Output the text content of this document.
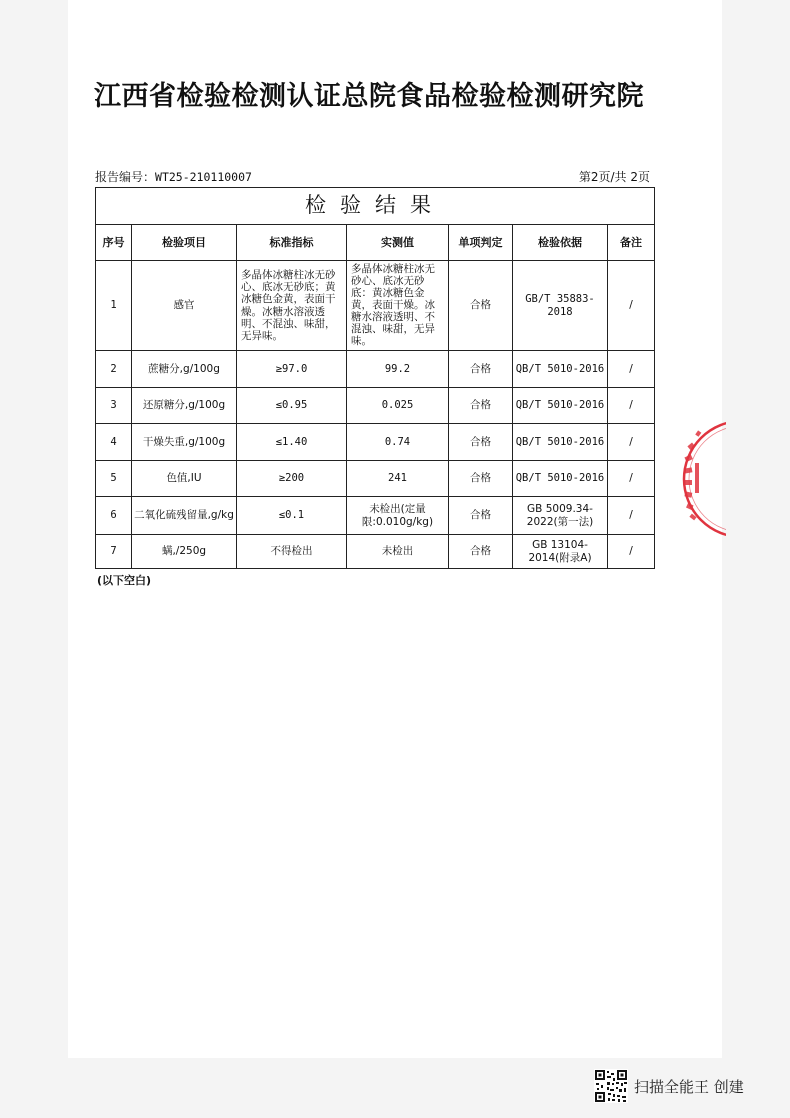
江西省检验检测认证总院食品检验检测研究院
报告编号：WT25-210110007	第2页/共 2页
检验结果						
序号	检验项目	标准指标	实测值	单项判定	检验依据	备注
1	感官	多晶体冰糖柱冰无砂心、底冰无砂底；黄冰糖色金黄，表面干燥。冰糖水溶液透明、不混浊、味甜，无异味。	多晶体冰糖柱冰无砂心、底冰无砂底：黄冰糖色金黄，表面干燥。冰糖水溶液透明、不混浊、味甜，无异味。	合格	GB/T 35883-2018	/
2	蔗糖分,g/100g	≥97.0	99.2	合格	QB/T 5010-2016	/
3	还原糖分,g/100g	≤0.95	0.025	合格	QB/T 5010-2016	/
4	干燥失重,g/100g	≤1.40	0.74	合格	QB/T 5010-2016	/
5	色值,IU	≥200	241	合格	QB/T 5010-2016	/
6	二氧化硫残留量,g/kg	≤0.1	未检出(定量限:0.010g/kg)	合格	GB 5009.34-2022(第一法)	/
7	螨,/250g	不得检出	未检出	合格	GB 13104-2014(附录A)	/
(以下空白)
扫描全能王 创建
